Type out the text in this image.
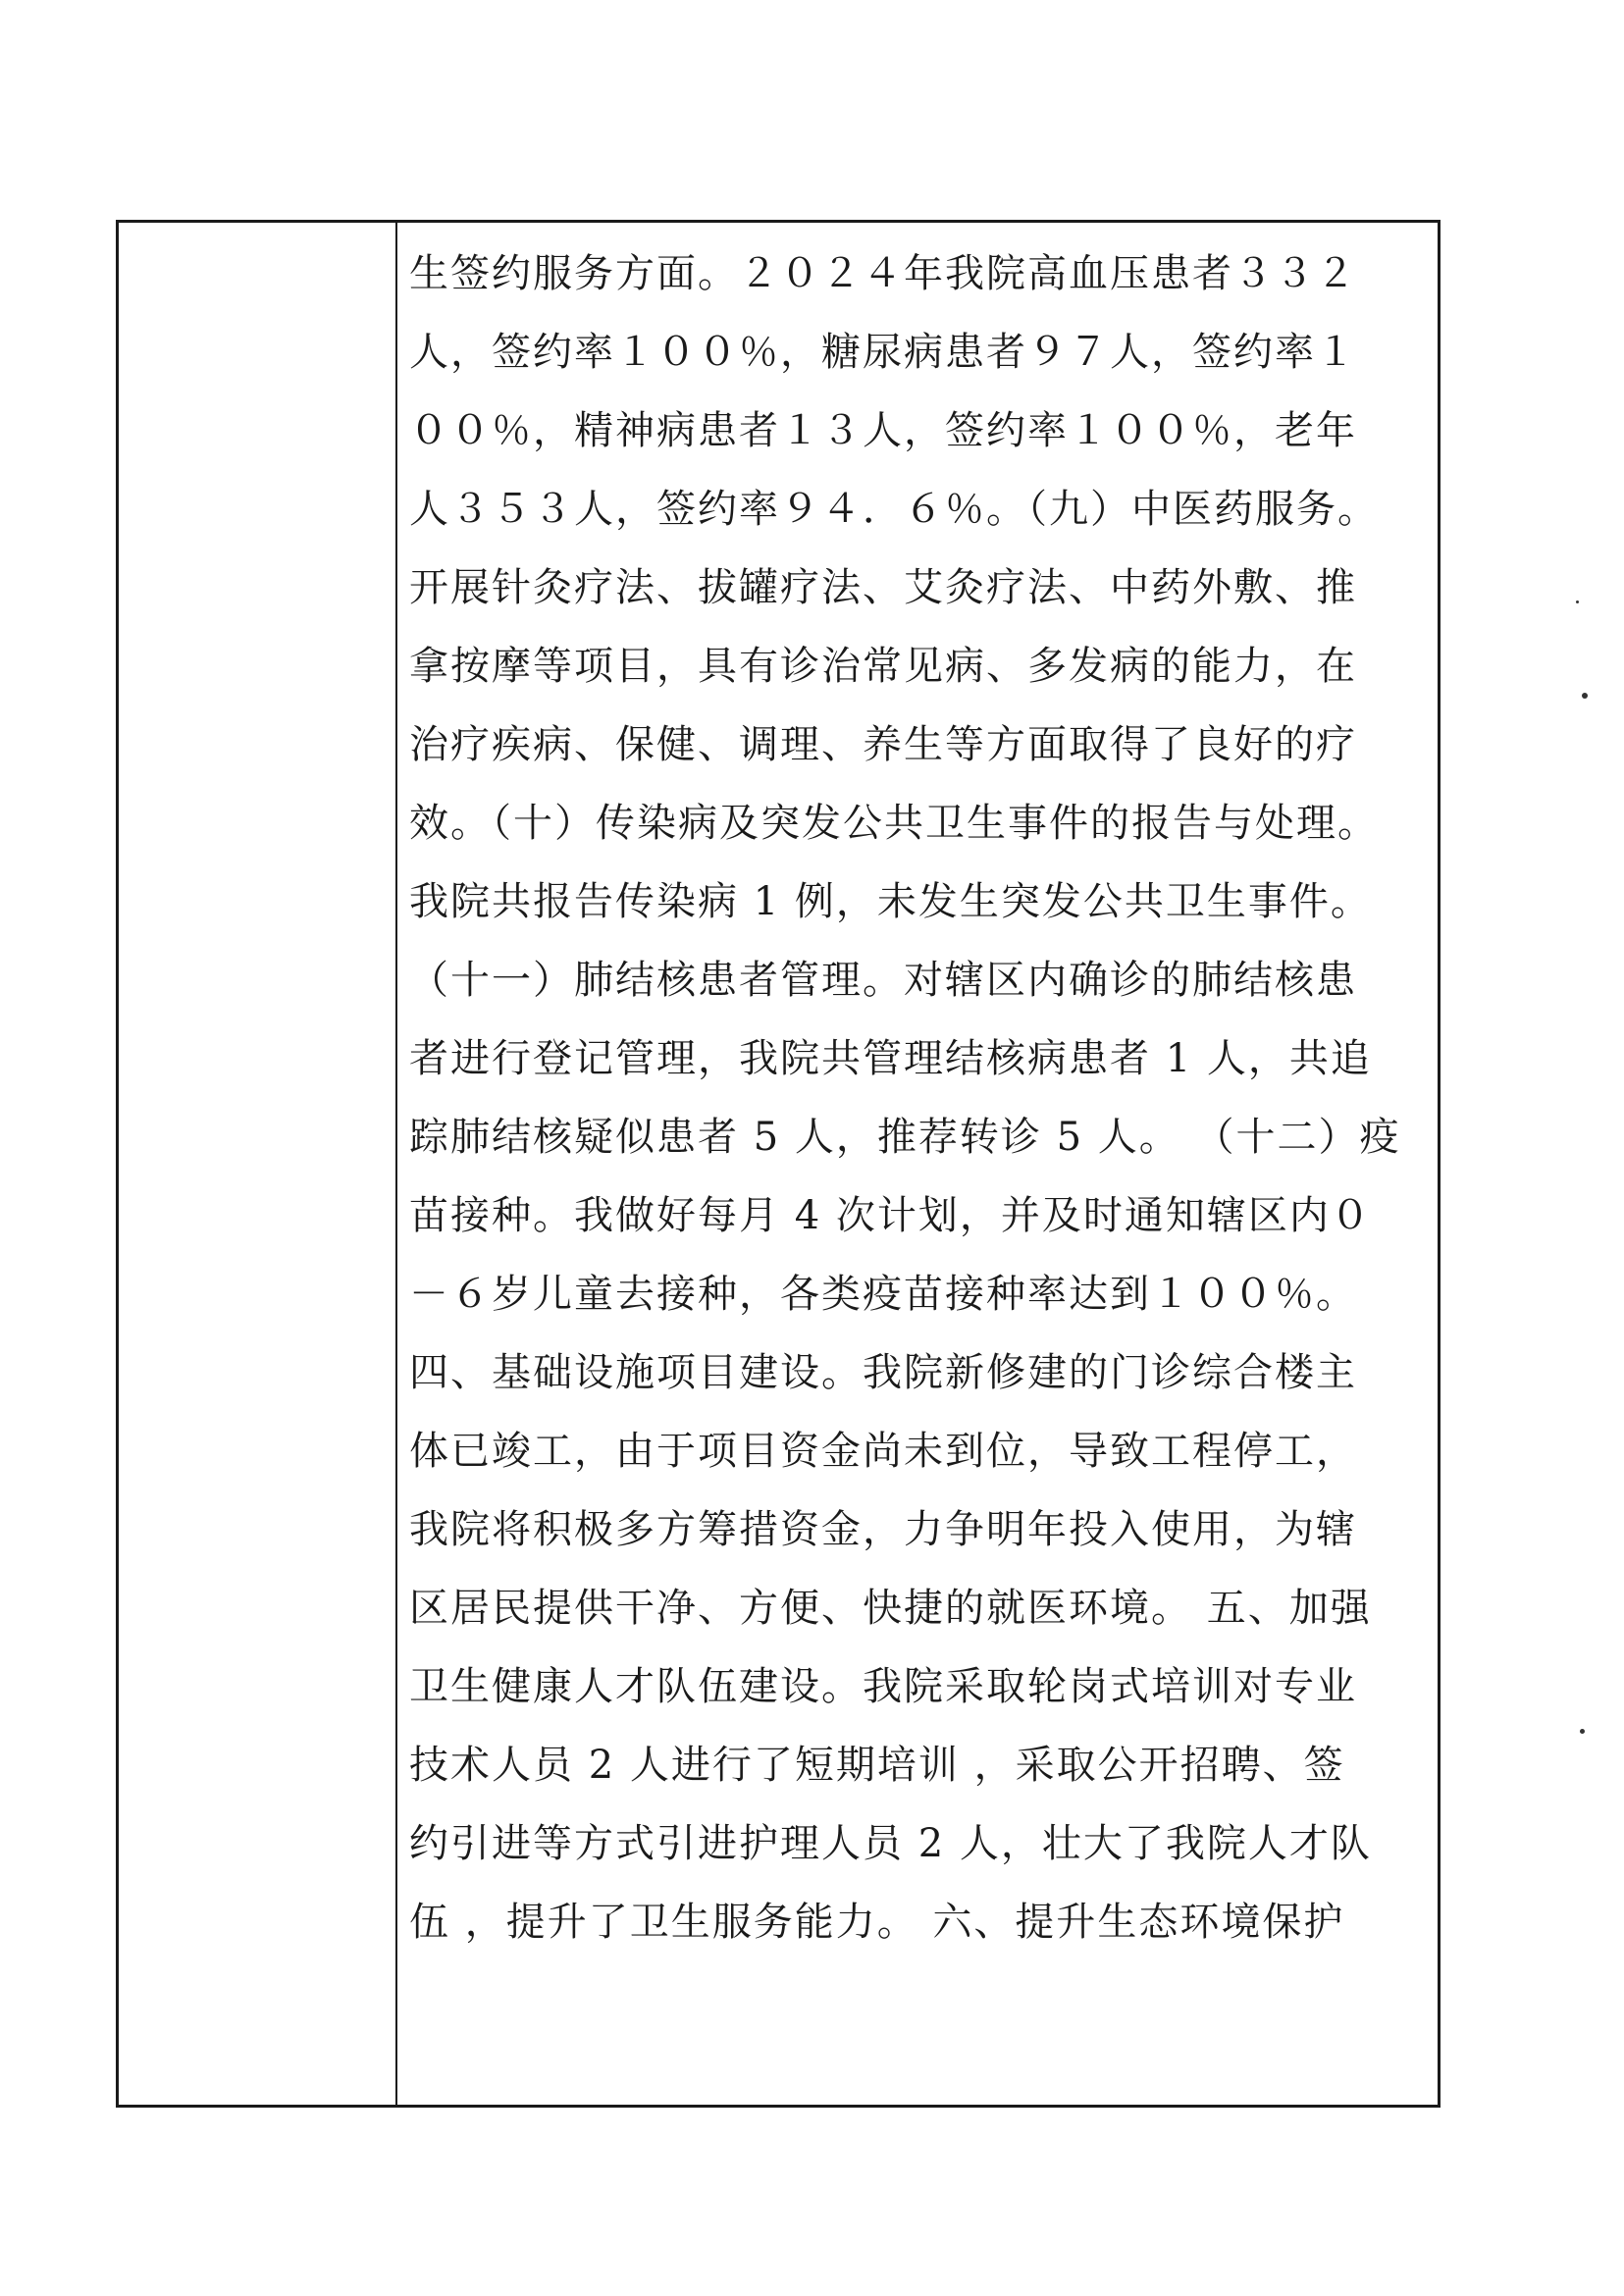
生签约服务方面。２０２４年我院高血压患者３３２
人，签约率１００％，糖尿病患者９７人，签约率１
００％，精神病患者１３人，签约率１００％，老年
人３５３人，签约率９４．６％。（九）中医药服务。
开展针灸疗法、拔罐疗法、艾灸疗法、中药外敷、推
拿按摩等项目，具有诊治常见病、多发病的能力，在
治疗疾病、保健、调理、养生等方面取得了良好的疗
效。（十）传染病及突发公共卫生事件的报告与处理。
我院共报告传染病 1 例，未发生突发公共卫生事件。
（十一）肺结核患者管理。对辖区内确诊的肺结核患
者进行登记管理，我院共管理结核病患者 1 人，共追
踪肺结核疑似患者 5 人，推荐转诊 5 人。 （十二）疫
苗接种。我做好每月 4 次计划，并及时通知辖区内０
－６岁儿童去接种，各类疫苗接种率达到１００％。
四、基础设施项目建设。我院新修建的门诊综合楼主
体已竣工，由于项目资金尚未到位，导致工程停工，
我院将积极多方筹措资金，力争明年投入使用，为辖
区居民提供干净、方便、快捷的就医环境。 五、加强
卫生健康人才队伍建设。我院采取轮岗式培训对专业
技术人员 2 人进行了短期培训 ，采取公开招聘、签
约引进等方式引进护理人员 2 人，壮大了我院人才队
伍 ，提升了卫生服务能力。 六、提升生态环境保护
